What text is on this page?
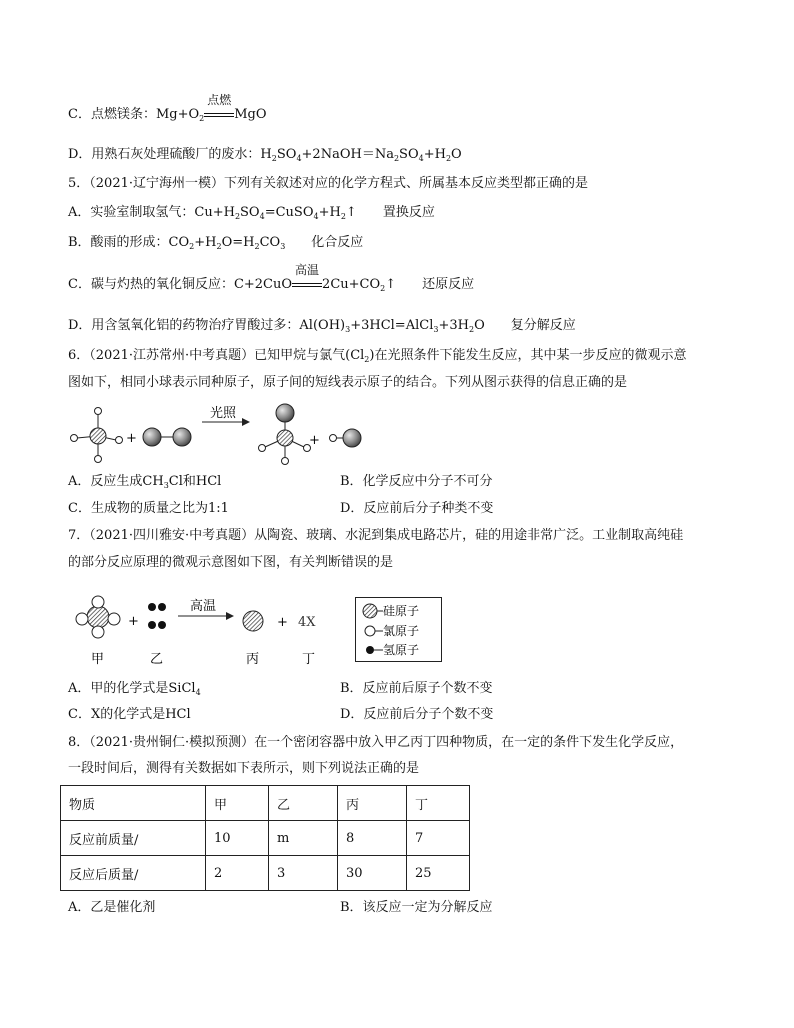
C．点燃镁条：$Mg+O_2$
点燃
MgO
D．用熟石灰处理硫酸厂的废水：$H_2SO_4+2NaOH=Na_2SO_4+H_2O$
5．（2021·辽宁海州一模）下列有关叙述对应的化学方程式、所属基本反应类型都正确的是
A．实验室制取氢气：$Cu+H_2SO_4=CuSO_4+H_2↑$ 置换反应
B．酸雨的形成：$CO_2+H_2O=H_2CO_3$ 化合反应
C．碳与灼热的氧化铜反应：C+2CuO
高温
$2Cu+CO_2↑$ 还原反应
D．用含氢氧化铝的药物治疗胃酸过多：$Al(OH)_3+3HCl=AlCl_3+3H_2O$ 复分解反应
6．（2021·江苏常州·中考真题）已知甲烷与氯气$(Cl_2)$在光照条件下能发生反应，其中某一步反应的微观示意
图如下，相同小球表示同种原子，原子间的短线表示原子的结合。下列从图示获得的信息正确的是
+
光照
+
A．反应生成$CH_3Cl$和HCl	B．化学反应中分子不可分
C．生成物的质量之比为1:1	D．反应前后分子种类不变
7．（2021·四川雅安·中考真题）从陶瓷、玻璃、水泥到集成电路芯片，硅的用途非常广泛。工业制取高纯硅
的部分反应原理的微观示意图如下图，有关判断错误的是
+
高温
+ 4X
甲	乙	丙	丁
硅原子
氯原子
氢原子
A．甲的化学式是SiCl$_4$	B．反应前后原子个数不变
C．X的化学式是HCl	D．反应前后分子个数不变
8．（2021·贵州铜仁·模拟预测）在一个密闭容器中放入甲乙丙丁四种物质，在一定的条件下发生化学反应，
一段时间后，测得有关数据如下表所示，则下列说法正确的是
物质	甲	乙	丙	丁
反应前质量/	10	m	8	7
反应后质量/	2	3	30	25
A．乙是催化剂	B．该反应一定为分解反应
